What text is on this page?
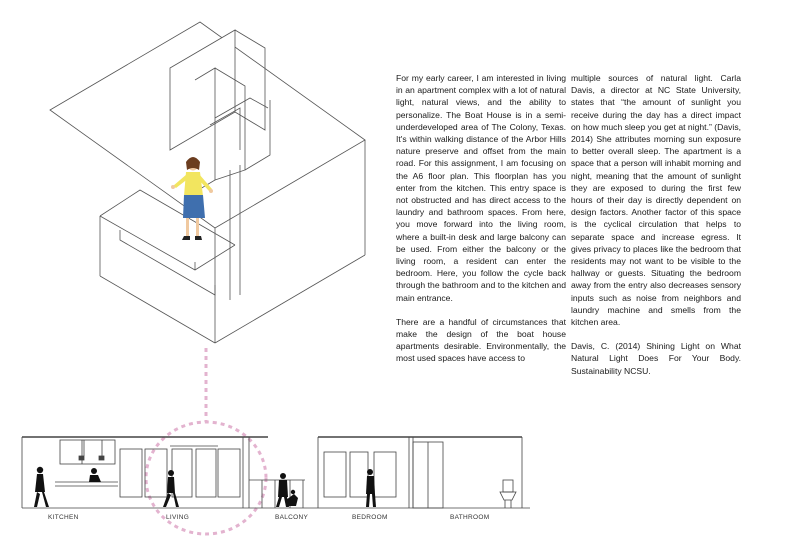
For my early career, I am interested in living in an apartment complex with a lot of natural light, natural views, and the ability to personalize. The Boat House is in a semi-underdeveloped area of The Colony, Texas. It's within walking distance of the Arbor Hills nature preserve and offset from the main road. For this assignment, I am focusing on the A6 floor plan. This floorplan has you enter from the kitchen. This entry space is not obstructed and has direct access to the laundry and bathroom spaces. From here, you move forward into the living room, where a built-in desk and large balcony can be used. From either the balcony or the living room, a resident can enter the bedroom. Here, you follow the cycle back through the bathroom and to the kitchen and main entrance.

There are a handful of circumstances that make the design of the boat house apartments desirable. Environmentally, the most used spaces have access to

multiple sources of natural light. Carla Davis, a director at NC State University, states that “the amount of sunlight you receive during the day has a direct impact on how much sleep you get at night.” (Davis, 2014) She attributes morning sun exposure to better overall sleep. The apartment is a space that a person will inhabit morning and night, meaning that the amount of sunlight they are exposed to during the first few hours of their day is directly dependent on design factors. Another factor of this space is the cyclical circulation that helps to separate space and increase egress. It gives privacy to places like the bedroom that residents may not want to be visible to the hallway or guests. Situating the bedroom away from the entry also decreases sensory inputs such as noise from neighbors and laundry machine and smells from the kitchen area.

Davis, C. (2014) Shining Light on What Natural Light Does For Your Body. Sustainability NCSU.

KITCHEN	LIVING	BALCONY	BEDROOM	BATHROOM
